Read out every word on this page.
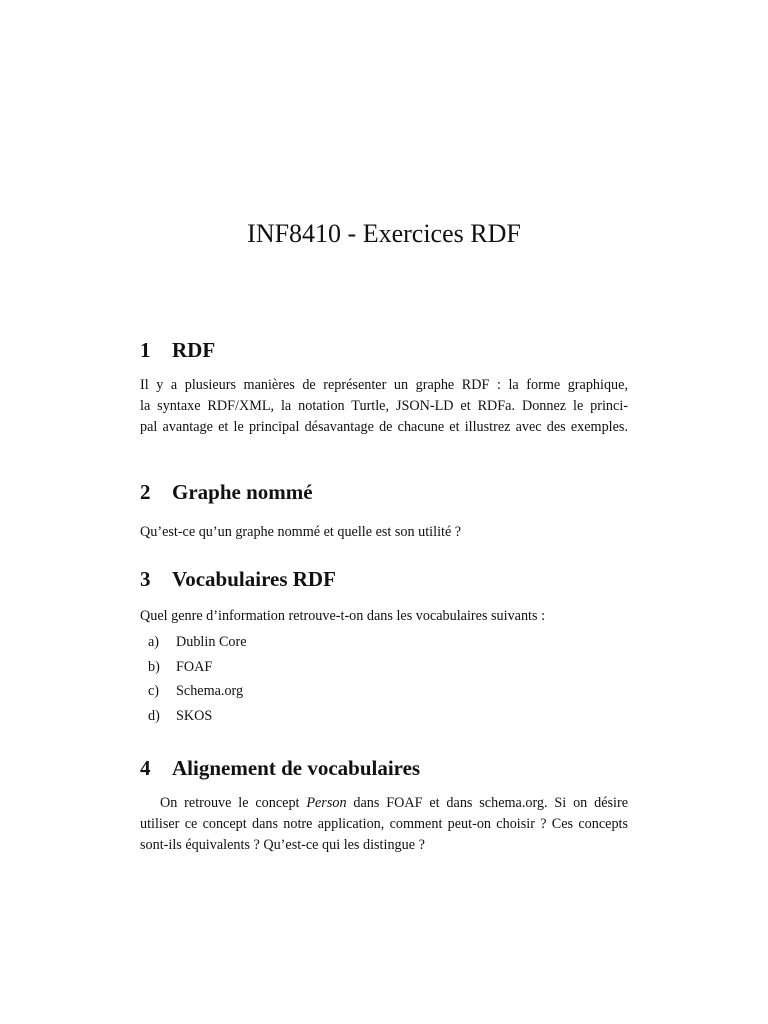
INF8410 - Exercices RDF
1 RDF

Il y a plusieurs manières de représenter un graphe RDF : la forme graphique,
la syntaxe RDF/XML, la notation Turtle, JSON-LD et RDFa. Donnez le princi-
pal avantage et le principal désavantage de chacune et illustrez avec des exemples.

2 Graphe nommé

Qu’est-ce qu’un graphe nommé et quelle est son utilité ?

3 Vocabulaires RDF

Quel genre d’information retrouve-t-on dans les vocabulaires suivants :

a) Dublin Core
b) FOAF
c) Schema.org
d) SKOS
4 Alignement de vocabulaires

On retrouve le concept Person dans FOAF et dans schema.org. Si on désire
utiliser ce concept dans notre application, comment peut-on choisir ? Ces concepts
sont-ils équivalents ? Qu’est-ce qui les distingue ?
